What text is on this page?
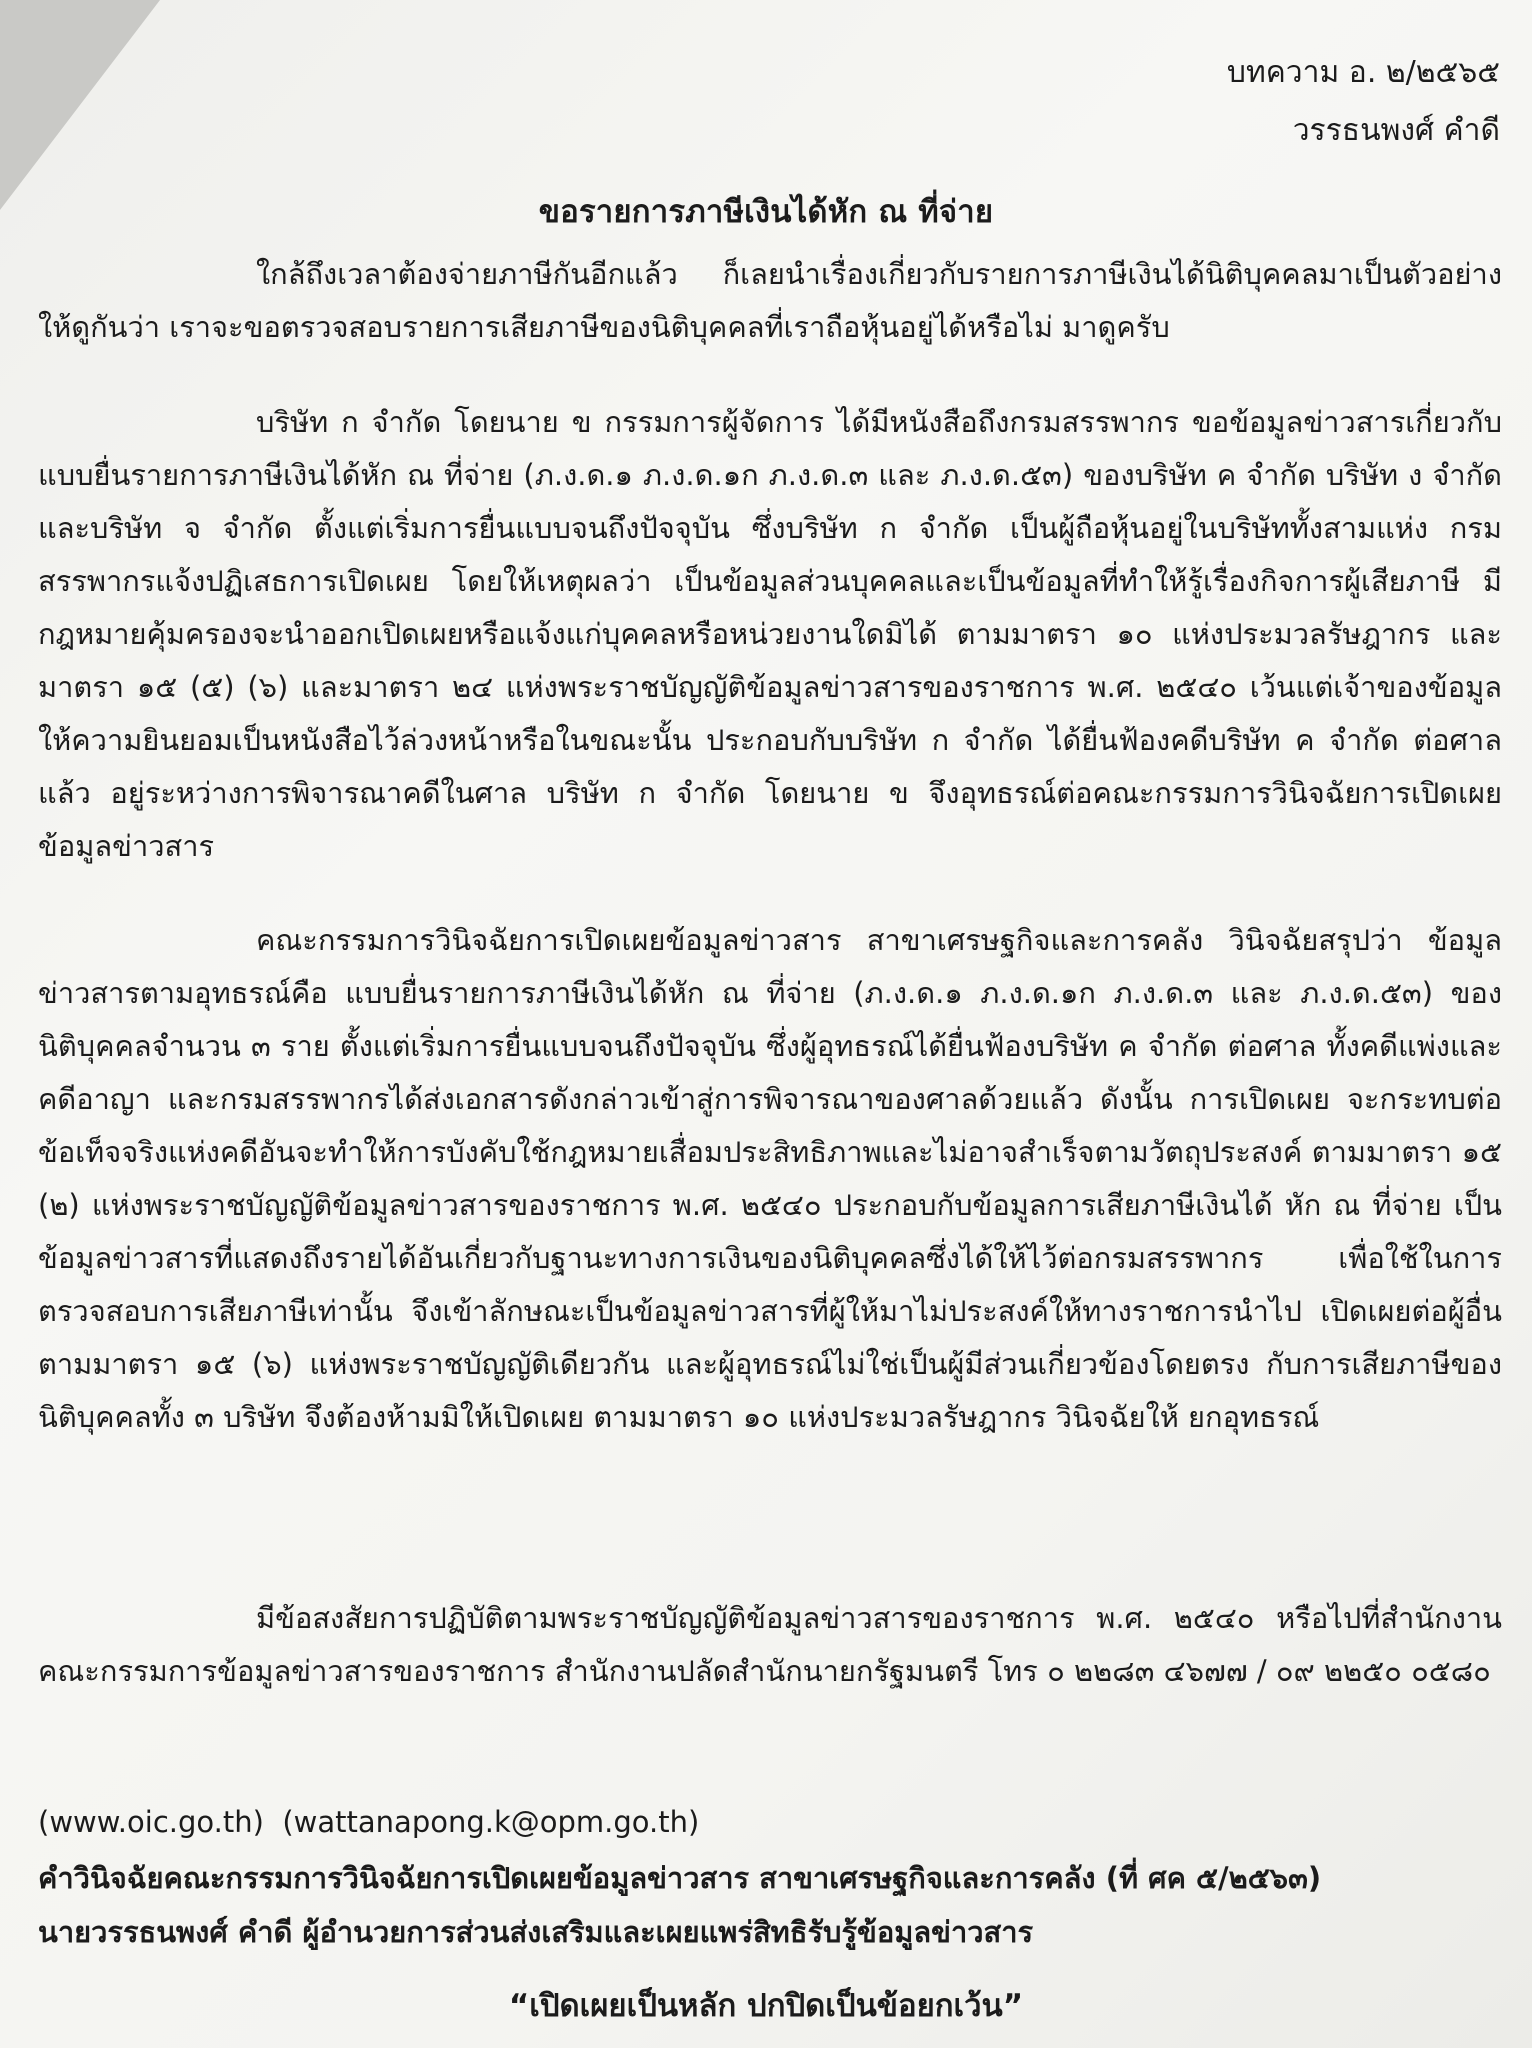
บทความ อ. ๒/๒๕๖๕
วรรธนพงศ์ คำดี
ขอรายการภาษีเงินได้หัก ณ ที่จ่าย

ใกล้ถึงเวลาต้องจ่ายภาษีกันอีกแล้ว ก็เลยนำเรื่องเกี่ยวกับรายการภาษีเงินได้นิติบุคคลมาเป็นตัวอย่าง ให้ดูกันว่า เราจะขอตรวจสอบรายการเสียภาษีของนิติบุคคลที่เราถือหุ้นอยู่ได้หรือไม่ มาดูครับ

บริษัท ก จำกัด โดยนาย ข กรรมการผู้จัดการ ได้มีหนังสือถึงกรมสรรพากร ขอข้อมูลข่าวสารเกี่ยวกับแบบยื่นรายการภาษีเงินได้หัก ณ ที่จ่าย (ภ.ง.ด.๑ ภ.ง.ด.๑ก ภ.ง.ด.๓ และ ภ.ง.ด.๕๓) ของบริษัท ค จำกัด บริษัท ง จำกัด และบริษัท จ จำกัด ตั้งแต่เริ่มการยื่นแบบจนถึงปัจจุบัน ซึ่งบริษัท ก จำกัด เป็นผู้ถือหุ้นอยู่ในบริษัททั้งสามแห่ง กรมสรรพากรแจ้งปฏิเสธการเปิดเผย โดยให้เหตุผลว่า เป็นข้อมูลส่วนบุคคลและเป็นข้อมูลที่ทำให้รู้เรื่องกิจการผู้เสียภาษี มีกฎหมายคุ้มครองจะนำออกเปิดเผยหรือแจ้งแก่บุคคลหรือหน่วยงานใดมิได้ ตามมาตรา ๑๐ แห่งประมวลรัษฎากร และมาตรา ๑๕ (๕) (๖) และมาตรา ๒๔ แห่งพระราชบัญญัติข้อมูลข่าวสารของราชการ พ.ศ. ๒๕๔๐ เว้นแต่เจ้าของข้อมูลให้ความยินยอมเป็นหนังสือไว้ล่วงหน้าหรือในขณะนั้น ประกอบกับบริษัท ก จำกัด ได้ยื่นฟ้องคดีบริษัท ค จำกัด ต่อศาลแล้ว อยู่ระหว่างการพิจารณาคดีในศาล บริษัท ก จำกัด โดยนาย ข จึงอุทธรณ์ต่อคณะกรรมการวินิจฉัยการเปิดเผยข้อมูลข่าวสาร

คณะกรรมการวินิจฉัยการเปิดเผยข้อมูลข่าวสาร สาขาเศรษฐกิจและการคลัง วินิจฉัยสรุปว่า ข้อมูลข่าวสารตามอุทธรณ์คือ แบบยื่นรายการภาษีเงินได้หัก ณ ที่จ่าย (ภ.ง.ด.๑ ภ.ง.ด.๑ก ภ.ง.ด.๓ และ ภ.ง.ด.๕๓) ของนิติบุคคลจำนวน ๓ ราย ตั้งแต่เริ่มการยื่นแบบจนถึงปัจจุบัน ซึ่งผู้อุทธรณ์ได้ยื่นฟ้องบริษัท ค จำกัด ต่อศาล ทั้งคดีแพ่งและคดีอาญา และกรมสรรพากรได้ส่งเอกสารดังกล่าวเข้าสู่การพิจารณาของศาลด้วยแล้ว ดังนั้น การเปิดเผย จะกระทบต่อข้อเท็จจริงแห่งคดีอันจะทำให้การบังคับใช้กฎหมายเสื่อมประสิทธิภาพและไม่อาจสำเร็จตามวัตถุประสงค์ ตามมาตรา ๑๕ (๒) แห่งพระราชบัญญัติข้อมูลข่าวสารของราชการ พ.ศ. ๒๕๔๐ ประกอบกับข้อมูลการเสียภาษีเงินได้ หัก ณ ที่จ่าย เป็นข้อมูลข่าวสารที่แสดงถึงรายได้อันเกี่ยวกับฐานะทางการเงินของนิติบุคคลซึ่งได้ให้ไว้ต่อกรมสรรพากร เพื่อใช้ในการตรวจสอบการเสียภาษีเท่านั้น จึงเข้าลักษณะเป็นข้อมูลข่าวสารที่ผู้ให้มาไม่ประสงค์ให้ทางราชการนำไป เปิดเผยต่อผู้อื่น ตามมาตรา ๑๕ (๖) แห่งพระราชบัญญัติเดียวกัน และผู้อุทธรณ์ไม่ใช่เป็นผู้มีส่วนเกี่ยวข้องโดยตรง กับการเสียภาษีของนิติบุคคลทั้ง ๓ บริษัท จึงต้องห้ามมิให้เปิดเผย ตามมาตรา ๑๐ แห่งประมวลรัษฎากร วินิจฉัยให้ ยกอุทธรณ์

มีข้อสงสัยการปฏิบัติตามพระราชบัญญัติข้อมูลข่าวสารของราชการ พ.ศ. ๒๕๔๐ หรือไปที่สำนักงาน คณะกรรมการข้อมูลข่าวสารของราชการ สำนักงานปลัดสำนักนายกรัฐมนตรี โทร ๐ ๒๒๘๓ ๔๖๗๗ / ๐๙ ๒๒๕๐ ๐๕๘๐

(www.oic.go.th) (wattanapong.k@opm.go.th)
คำวินิจฉัยคณะกรรมการวินิจฉัยการเปิดเผยข้อมูลข่าวสาร สาขาเศรษฐกิจและการคลัง (ที่ ศค ๕/๒๕๖๓)
นายวรรธนพงศ์ คำดี ผู้อำนวยการส่วนส่งเสริมและเผยแพร่สิทธิรับรู้ข้อมูลข่าวสาร
“เปิดเผยเป็นหลัก ปกปิดเป็นข้อยกเว้น”
